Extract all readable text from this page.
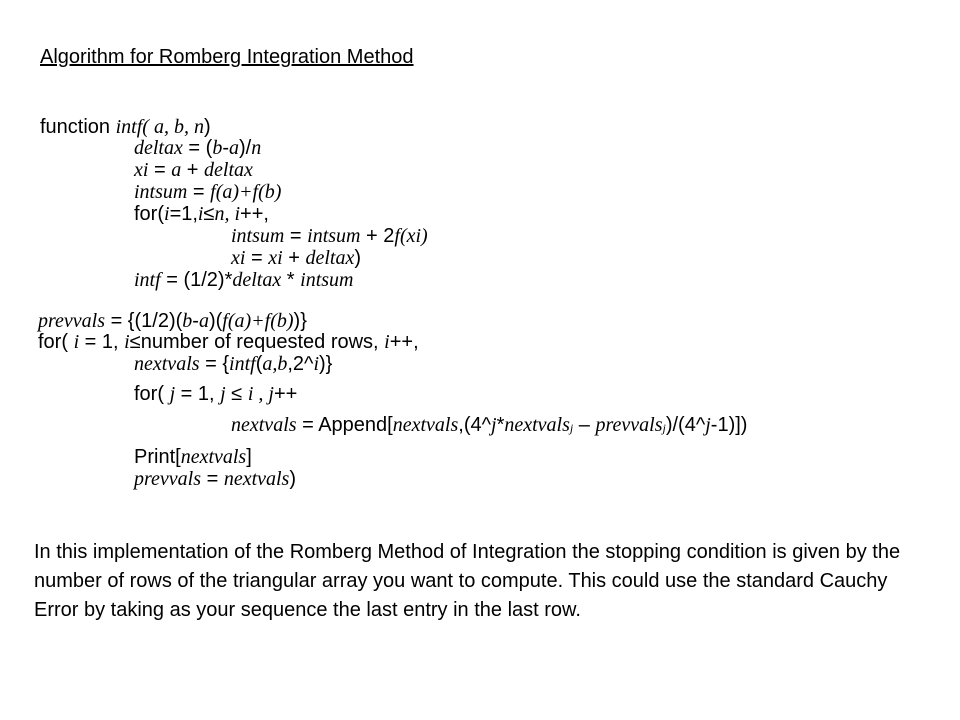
Algorithm for Romberg Integration Method
function intf( a, b, n)
deltax = (b-a)/n
xi = a + deltax
intsum = f(a)+f(b)
for(i=1,i≤n, i++,
intsum = intsum + 2f(xi)
xi = xi + deltax)
intf = (1/2)*deltax * intsum
prevvals = {(1/2)(b-a)(f(a)+f(b))}
for( i = 1, i≤number of requested rows, i++,
nextvals = {intf(a,b,2^i)}
for( j = 1, j ≤ i , j++
nextvals = Append[nextvals,(4^j*nextvals$_j$ – prevvals$_j$)/(4^j-1)])
Print[nextvals]
prevvals = nextvals)

In this implementation of the Romberg Method of Integration the stopping condition is given by the number of rows of the triangular array you want to compute. This could use the standard Cauchy Error by taking as your sequence the last entry in the last row.
